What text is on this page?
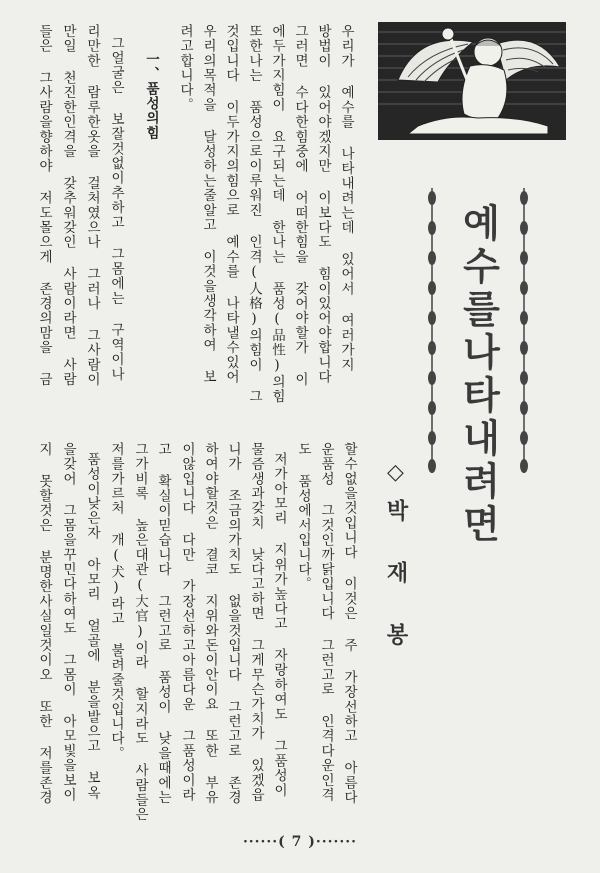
예수를나타내려면
◇박재봉
우리가 예수를 나타내려는데 있어서 여러가지
방법이 있어야겠지만 이보다도 힘이있어야합니다
그러면 수다한힘중에 어떠한힘을 갖어야할가 이
에두가지힘이 요구되는데 한나는 품성(品性)의힘
또한나는 품성으로이루워진 인격(人格)의힘이 그
것입니다 이두가지의힘으로 예수를 나타낼수있어
우리의목적을 달성하는줄알고 이것을생각하여 보
려고합니다。
一、품성의힘
그얼굴은 보잘것없이추하고 그몸에는 구역이나
리만한 람루한옷을 걸처였으나 그러나 그사람이
만일 천진한인격을 갖추워갖인 사람이라면 사람
들은 그사람을향하야 저도몰으게 존경의맘을 금
할수없을것입니다 이것은 주 가장선하고 아름다
운품성 그것인까닭입니다 그런고로 인격다운인격
도 품성에서입니다。
저가아모리 지위가높다고 자랑하여도 그품성이
물즘생과갖치 낮다고하면 그게무슨가치가 있겠읍
니가 조금의가치도 없을것입니다 그런고로 존경
하여야할것은 결코 지위와돈이안이요 또한 부유
이않입니다 다만 가장선하고아름다운 그품성이라
고 확실이믿습니다 그런고로 품성이 낮을때에는
그가비록 높은대관(大官)이라 할지라도 사람들은
저를가르처 개(犬)라고 불려줄것입니다。
품성이낮은자 아모리 얼골에 분을발으고 보옥
을갖어 그몸을꾸민다하여도 그몸이 아모빛을보이
지 못할것은 분명한사실일것이오 또한 저를존경
······( 7 )·······
